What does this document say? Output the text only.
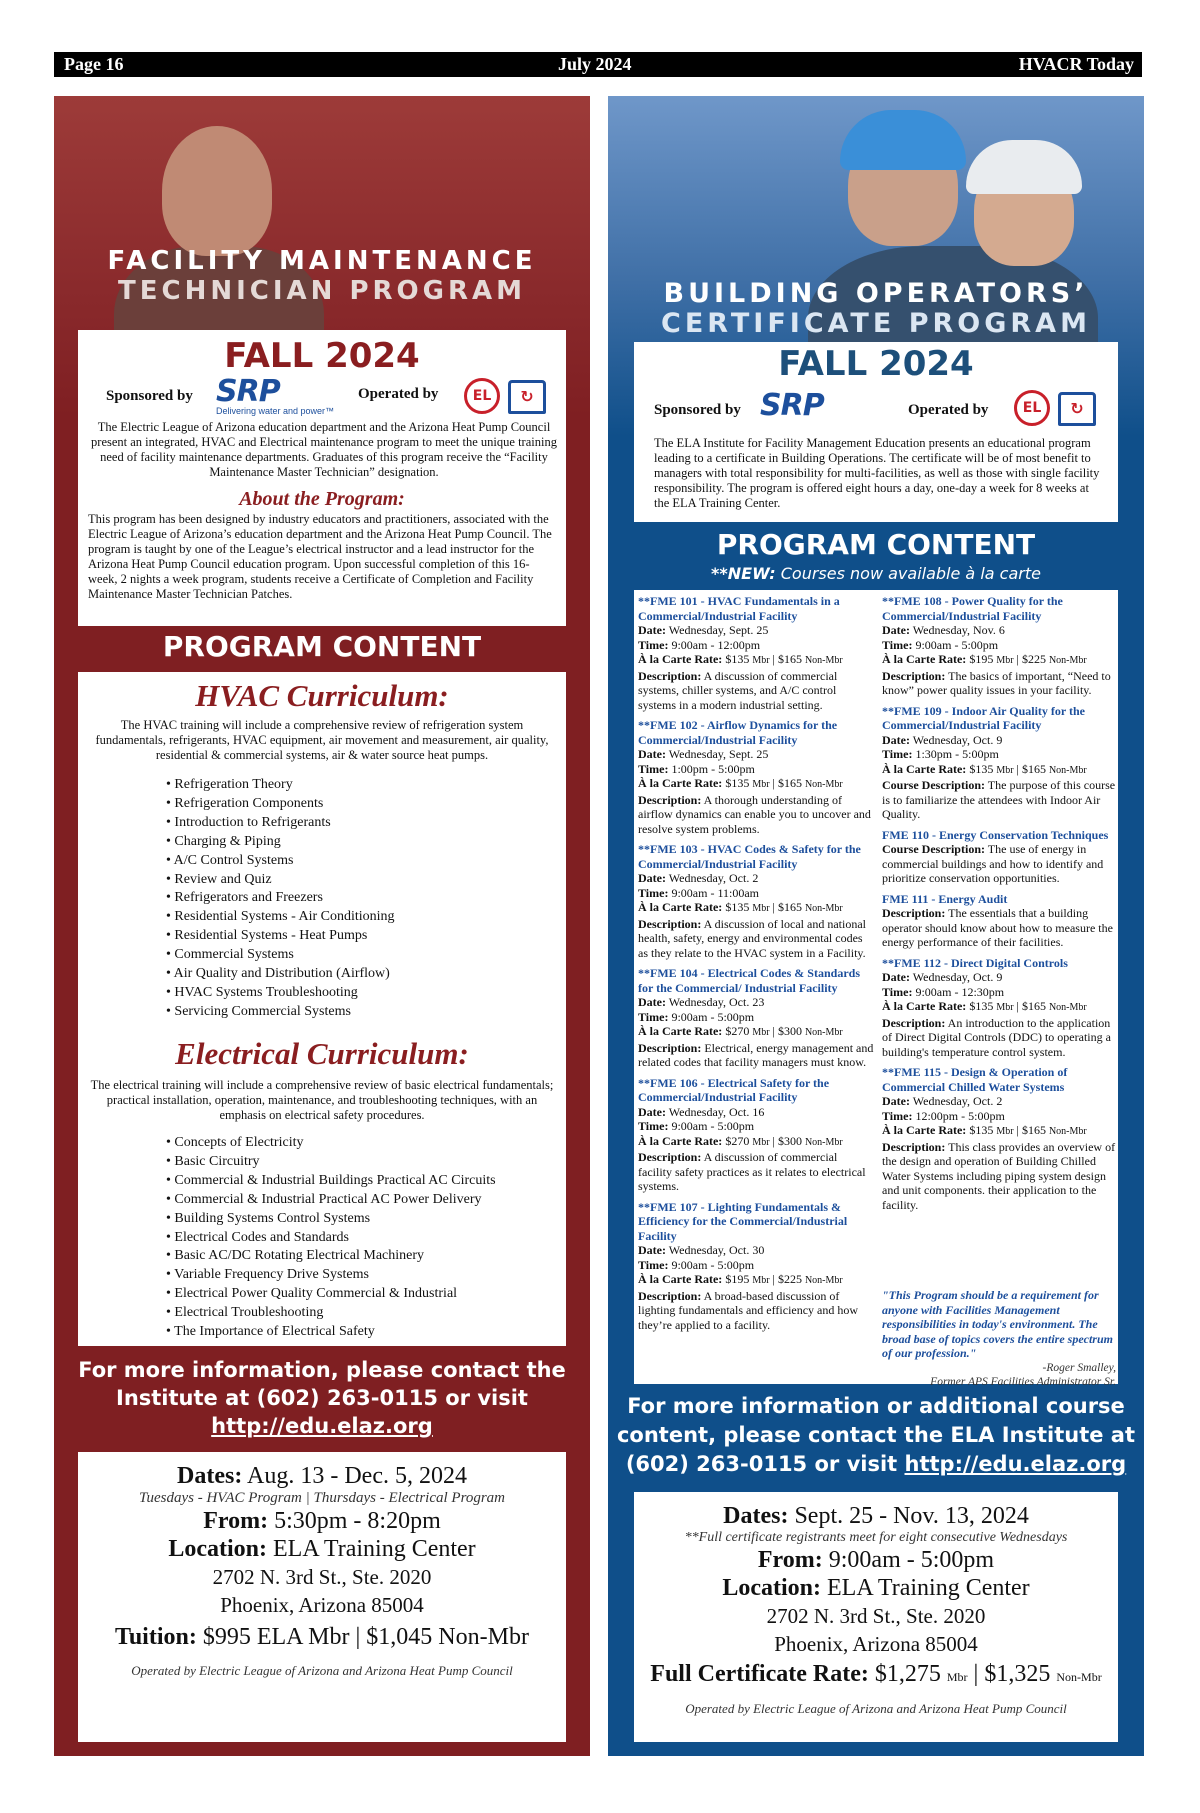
Page 16	July 2024	HVACR Today
FACILITY MAINTENANCE
TECHNICIAN PROGRAM
FALL 2024
Sponsored by SRP
Delivering water and power™
Operated by	EL	↻
The Electric League of Arizona education department and the Arizona Heat Pump Council present an integrated, HVAC and Electrical maintenance program to meet the unique training need of facility maintenance departments. Graduates of this program receive the “Facility Maintenance Master Technician” designation.
About the Program:
This program has been designed by industry educators and practitioners, associated with the Electric League of Arizona’s education department and the Arizona Heat Pump Council. The program is taught by one of the League’s electrical instructor and a lead instructor for the Arizona Heat Pump Council education program. Upon successful completion of this 16-week, 2 nights a week program, students receive a Certificate of Completion and Facility Maintenance Master Technician Patches.
PROGRAM CONTENT
HVAC Curriculum:
The HVAC training will include a comprehensive review of refrigeration system fundamentals, refrigerants, HVAC equipment, air movement and measurement, air quality, residential & commercial systems, air & water source heat pumps.
• Refrigeration Theory
• Refrigeration Components
• Introduction to Refrigerants
• Charging & Piping
• A/C Control Systems
• Review and Quiz
• Refrigerators and Freezers
• Residential Systems - Air Conditioning
• Residential Systems - Heat Pumps
• Commercial Systems
• Air Quality and Distribution (Airflow)
• HVAC Systems Troubleshooting
• Servicing Commercial Systems
Electrical Curriculum:
The electrical training will include a comprehensive review of basic electrical fundamentals; practical installation, operation, maintenance, and troubleshooting techniques, with an emphasis on electrical safety procedures.
• Concepts of Electricity
• Basic Circuitry
• Commercial & Industrial Buildings Practical AC Circuits
• Commercial & Industrial Practical AC Power Delivery
• Building Systems Control Systems
• Electrical Codes and Standards
• Basic AC/DC Rotating Electrical Machinery
• Variable Frequency Drive Systems
• Electrical Power Quality Commercial & Industrial
• Electrical Troubleshooting
• The Importance of Electrical Safety
For more information, please contact the
Institute at (602) 263-0115 or visit
http://edu.elaz.org
Dates: Aug. 13 - Dec. 5, 2024
Tuesdays - HVAC Program | Thursdays - Electrical Program
From: 5:30pm - 8:20pm
Location: ELA Training Center
2702 N. 3rd St., Ste. 2020
Phoenix, Arizona 85004
Tuition: $995 ELA Mbr | $1,045 Non-Mbr
Operated by Electric League of Arizona and Arizona Heat Pump Council
BUILDING OPERATORS’
CERTIFICATE PROGRAM
FALL 2024
Sponsored by SRP	Operated by	EL	↻
The ELA Institute for Facility Management Education presents an educational program leading to a certificate in Building Operations. The certificate will be of most benefit to managers with total responsibility for multi-facilities, as well as those with single facility responsibility. The program is offered eight hours a day, one-day a week for 8 weeks at the ELA Training Center.
PROGRAM CONTENT
**NEW: Courses now available à la carte
**FME 101 - HVAC Fundamentals in a Commercial/Industrial Facility
Date: Wednesday, Sept. 25
Time: 9:00am - 12:00pm
À la Carte Rate: $135 Mbr | $165 Non-Mbr
Description: A discussion of commercial systems, chiller systems, and A/C control systems in a modern industrial setting.
**FME 102 - Airflow Dynamics for the Commercial/Industrial Facility
Date: Wednesday, Sept. 25
Time: 1:00pm - 5:00pm
À la Carte Rate: $135 Mbr | $165 Non-Mbr
Description: A thorough understanding of airflow dynamics can enable you to uncover and resolve system problems.
**FME 103 - HVAC Codes & Safety for the Commercial/Industrial Facility
Date: Wednesday, Oct. 2
Time: 9:00am - 11:00am
À la Carte Rate: $135 Mbr | $165 Non-Mbr
Description: A discussion of local and national health, safety, energy and environmental codes as they relate to the HVAC system in a Facility.
**FME 104 - Electrical Codes & Standards for the Commercial/ Industrial Facility
Date: Wednesday, Oct. 23
Time: 9:00am - 5:00pm
À la Carte Rate: $270 Mbr | $300 Non-Mbr
Description: Electrical, energy management and related codes that facility managers must know.
**FME 106 - Electrical Safety for the Commercial/Industrial Facility
Date: Wednesday, Oct. 16
Time: 9:00am - 5:00pm
À la Carte Rate: $270 Mbr | $300 Non-Mbr
Description: A discussion of commercial facility safety practices as it relates to electrical systems.
**FME 107 - Lighting Fundamentals & Efficiency for the Commercial/Industrial Facility
Date: Wednesday, Oct. 30
Time: 9:00am - 5:00pm
À la Carte Rate: $195 Mbr | $225 Non-Mbr
Description: A broad-based discussion of lighting fundamentals and efficiency and how they’re applied to a facility.
**FME 108 - Power Quality for the Commercial/Industrial Facility
Date: Wednesday, Nov. 6
Time: 9:00am - 5:00pm
À la Carte Rate: $195 Mbr | $225 Non-Mbr
Description: The basics of important, “Need to know” power quality issues in your facility.
**FME 109 - Indoor Air Quality for the Commercial/Industrial Facility
Date: Wednesday, Oct. 9
Time: 1:30pm - 5:00pm
À la Carte Rate: $135 Mbr | $165 Non-Mbr
Course Description: The purpose of this course is to familiarize the attendees with Indoor Air Quality.
FME 110 - Energy Conservation Techniques
Course Description: The use of energy in commercial buildings and how to identify and prioritize conservation opportunities.
FME 111 - Energy Audit
Description: The essentials that a building operator should know about how to measure the energy performance of their facilities.
**FME 112 - Direct Digital Controls
Date: Wednesday, Oct. 9
Time: 9:00am - 12:30pm
À la Carte Rate: $135 Mbr | $165 Non-Mbr
Description: An introduction to the application of Direct Digital Controls (DDC) to operating a building's temperature control system.
**FME 115 - Design & Operation of Commercial Chilled Water Systems
Date: Wednesday, Oct. 2
Time: 12:00pm - 5:00pm
À la Carte Rate: $135 Mbr | $165 Non-Mbr
Description: This class provides an overview of the design and operation of Building Chilled Water Systems including piping system design and unit components. their application to the facility.
"This Program should be a requirement for anyone with Facilities Management responsibilities in today's environment. The broad base of topics covers the entire spectrum of our profession."
-Roger Smalley,
Former APS Facilities Administrator Sr.
For more information or additional course
content, please contact the ELA Institute at
(602) 263-0115 or visit http://edu.elaz.org
Dates: Sept. 25 - Nov. 13, 2024
**Full certificate registrants meet for eight consecutive Wednesdays
From: 9:00am - 5:00pm
Location: ELA Training Center
2702 N. 3rd St., Ste. 2020
Phoenix, Arizona 85004
Full Certificate Rate: $1,275 Mbr | $1,325 Non-Mbr
Operated by Electric League of Arizona and Arizona Heat Pump Council
